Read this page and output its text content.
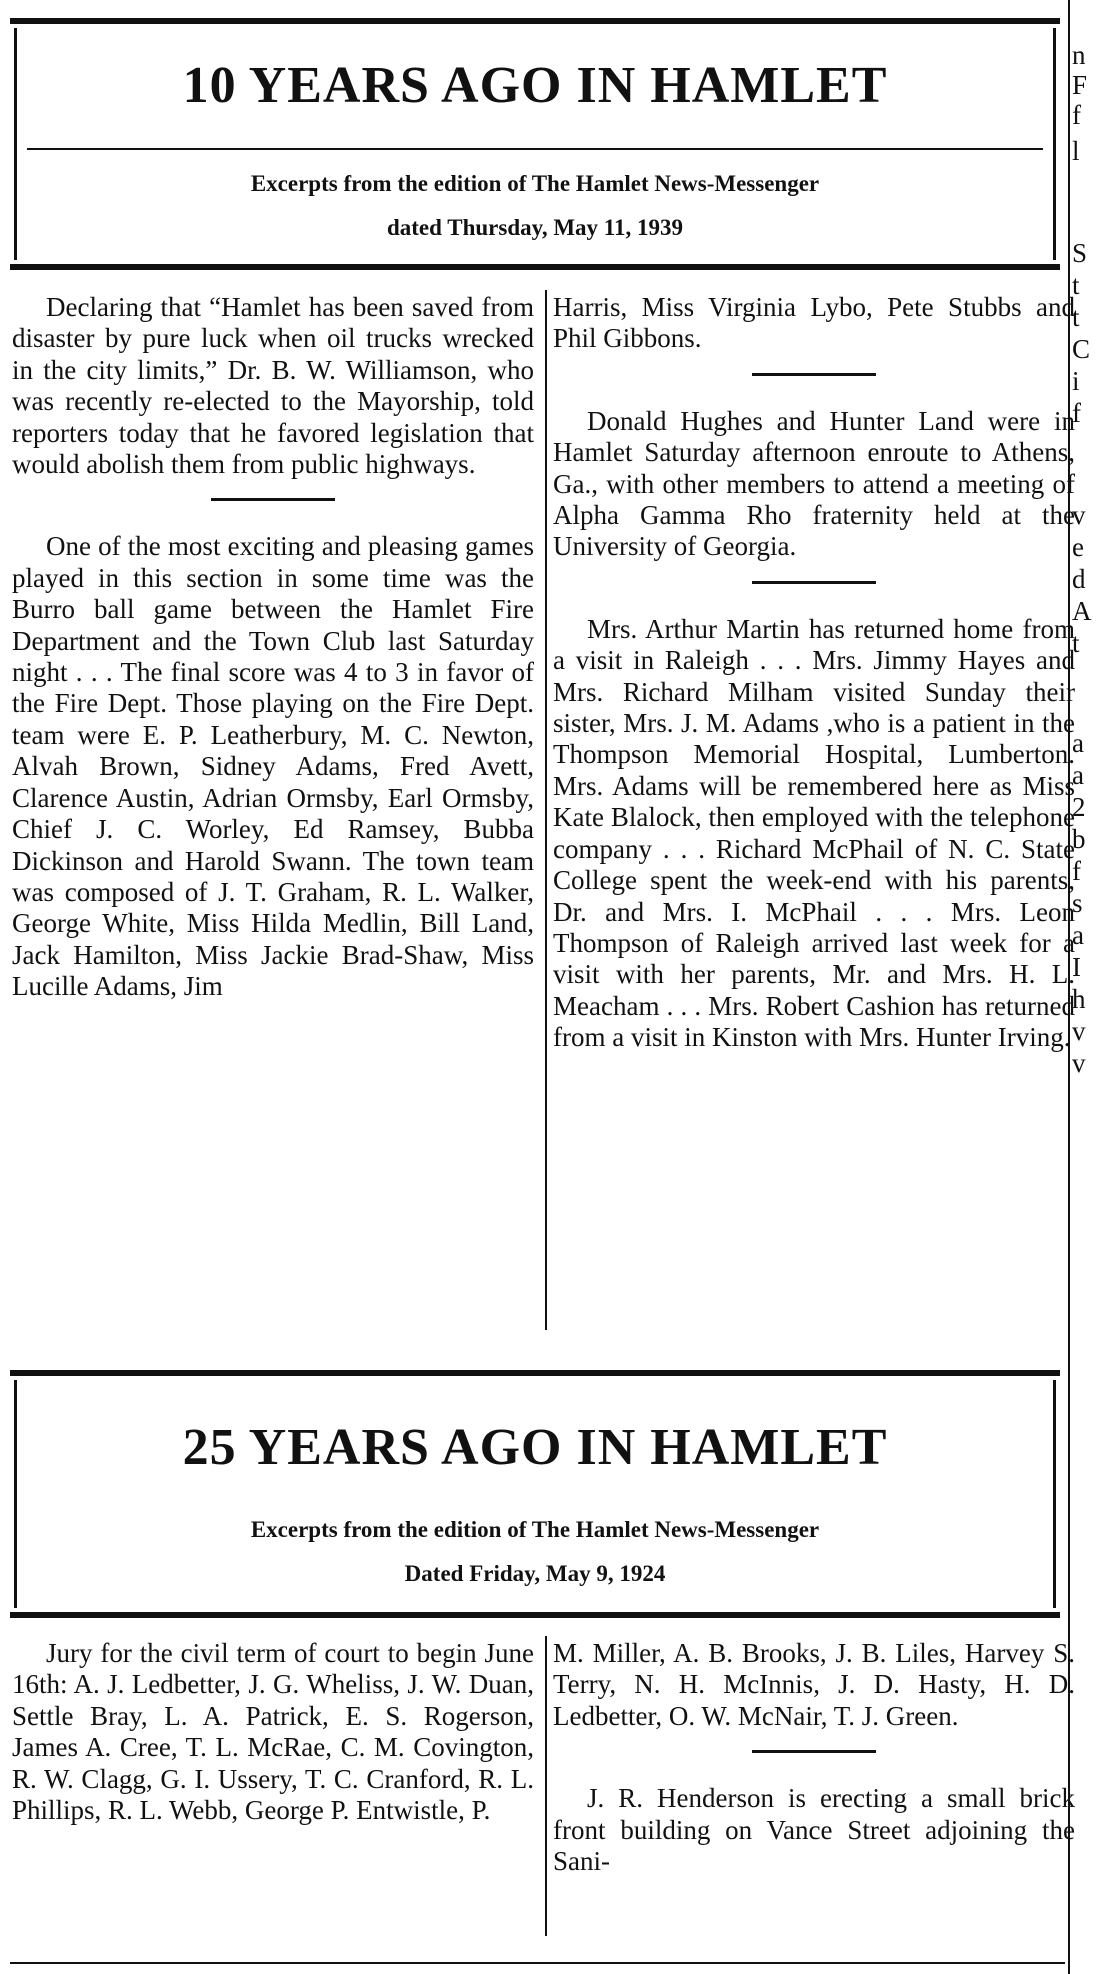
10 YEARS AGO IN HAMLET
Excerpts from the edition of The Hamlet News-Messenger
dated Thursday, May 11, 1939

Declaring that “Hamlet has been saved from disaster by pure luck when oil trucks wrecked in the city limits,” Dr. B. W. Williamson, who was recently re-elected to the Mayorship, told reporters today that he favored legislation that would abolish them from public highways.

One of the most exciting and pleasing games played in this section in some time was the Burro ball game between the Hamlet Fire Department and the Town Club last Saturday night . . . The final score was 4 to 3 in favor of the Fire Dept. Those playing on the Fire Dept. team were E. P. Leatherbury, M. C. Newton, Alvah Brown, Sidney Adams, Fred Avett, Clarence Austin, Adrian Ormsby, Earl Ormsby, Chief J. C. Worley, Ed Ramsey, Bubba Dickinson and Harold Swann. The town team was composed of J. T. Graham, R. L. Walker, George White, Miss Hilda Medlin, Bill Land, Jack Hamilton, Miss Jackie Brad-Shaw, Miss Lucille Adams, Jim

Harris, Miss Virginia Lybo, Pete Stubbs and Phil Gibbons.

Donald Hughes and Hunter Land were in Hamlet Saturday afternoon enroute to Athens, Ga., with other members to attend a meeting of Alpha Gamma Rho fraternity held at the University of Georgia.

Mrs. Arthur Martin has returned home from a visit in Raleigh . . . Mrs. Jimmy Hayes and Mrs. Richard Milham visited Sunday their sister, Mrs. J. M. Adams ,who is a patient in the Thompson Memorial Hospital, Lumberton. Mrs. Adams will be remembered here as Miss Kate Blalock, then employed with the telephone company . . . Richard McPhail of N. C. State College spent the week-end with his parents, Dr. and Mrs. I. McPhail . . . Mrs. Leon Thompson of Raleigh arrived last week for a visit with her parents, Mr. and Mrs. H. L. Meacham . . . Mrs. Robert Cashion has returned from a visit in Kinston with Mrs. Hunter Irving.

25 YEARS AGO IN HAMLET
Excerpts from the edition of The Hamlet News-Messenger
Dated Friday, May 9, 1924

Jury for the civil term of court to begin June 16th: A. J. Ledbetter, J. G. Wheliss, J. W. Duan, Settle Bray, L. A. Patrick, E. S. Rogerson, James A. Cree, T. L. McRae, C. M. Covington, R. W. Clagg, G. I. Ussery, T. C. Cranford, R. L. Phillips, R. L. Webb, George P. Entwistle, P.

M. Miller, A. B. Brooks, J. B. Liles, Harvey S. Terry, N. H. McInnis, J. D. Hasty, H. D. Ledbetter, O. W. McNair, T. J. Green.

J. R. Henderson is erecting a small brick front building on Vance Street adjoining the Sani-

n
F
f
l
S
t
t
C
i
f
v
e
d
A
t
a
a
2
b
f
s
a
I
h
v
v
